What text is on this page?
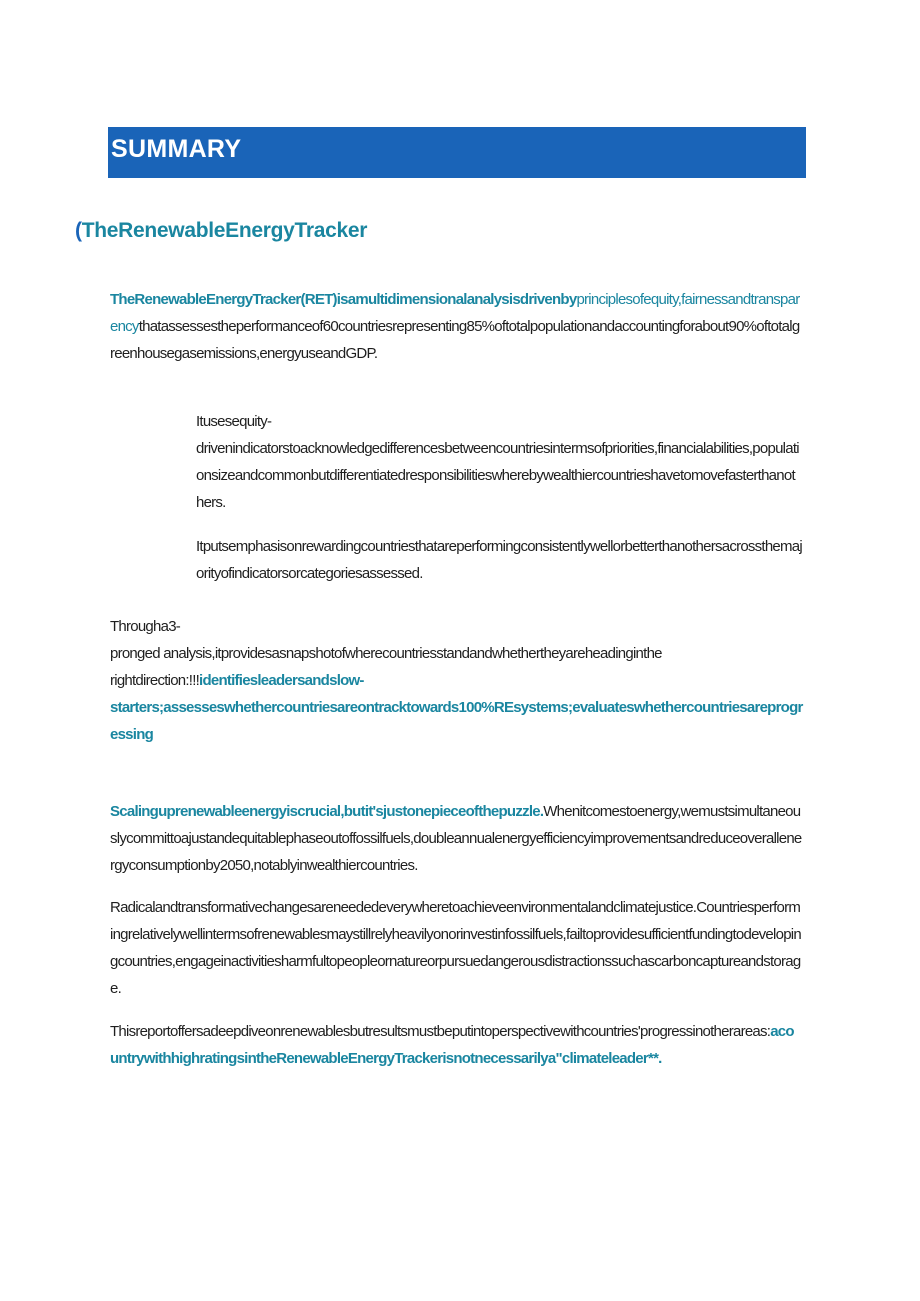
SUMMARY
(TheRenewableEnergyTracker

TheRenewableEnergyTracker(RET)isamultidimensionalanalysisdrivenbyprinciplesofequity,fairnessandtransparencythatassessestheperformanceof60countriesrepresenting85%oftotalpopulationandaccountingforabout90%oftotalgreenhousegasemissions,energyuseandGDP.

Itusesequity-
drivenindicatorstoacknowledgedifferencesbetweencountriesintermsofpriorities,financialabilities,populationsizeandcommonbutdifferentiatedresponsibilitieswherebywealthiercountrieshavetomovefasterthanothers.

Itputsemphasisonrewardingcountriesthatareperformingconsistentlywellorbetterthanothersacrossthemajorityofindicatorsorcategoriesassessed.

Througha3-
pronged analysis,itprovidesasnapshotofwherecountriesstandandwhethertheyareheadinginthe
rightdirection:!!!identifiesleadersandslow-
starters;assesseswhethercountriesareontracktowards100%REsystems;evaluateswhethercountriesareprogressing

Scalinguprenewableenergyiscrucial,butit'sjustonepieceofthepuzzle.Whenitcomestoenergy,wemustsimultaneouslycommittoajustandequitablephaseoutoffossilfuels,doubleannualenergyefficiencyimprovementsandreduceoverallenergyconsumptionby2050,notablyinwealthiercountries.

Radicalandtransformativechangesareneededeverywheretoachieveenvironmentalandclimatejustice.Countriesperformingrelativelywellintermsofrenewablesmaystillrelyheavilyonorinvestinfossilfuels,failtoprovidesufficientfundingtodevelopingcountries,engageinactivitiesharmfultopeopleornatureorpursuedangerousdistractionssuchascarboncaptureandstorage.

Thisreportoffersadeepdiveonrenewablesbutresultsmustbeputintoperspectivewithcountries'progressinotherareas:acountrywithhighratingsintheRenewableEnergyTrackerisnotnecessarilya"climateleader**.
